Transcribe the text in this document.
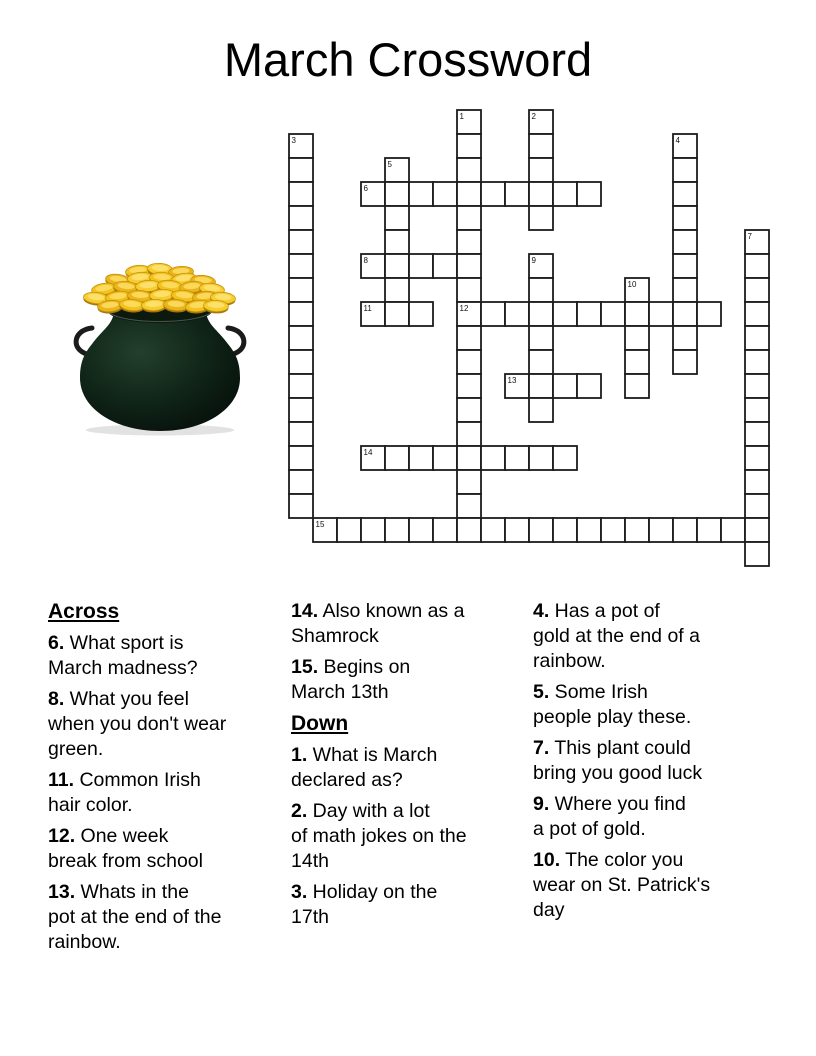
March Crossword
1	2
3	4
5
6
7
8	9
10
11	12
13
14
15
Across
6. What sport is
March madness?
8. What you feel
when you don't wear
green.
11. Common Irish
hair color.
12. One week
break from school
13. Whats in the
pot at the end of the
rainbow.
14. Also known as a
Shamrock
15. Begins on
March 13th
Down
1. What is March
declared as?
2. Day with a lot
of math jokes on the
14th
3. Holiday on the
17th
4. Has a pot of
gold at the end of a
rainbow.
5. Some Irish
people play these.
7. This plant could
bring you good luck
9. Where you find
a pot of gold.
10. The color you
wear on St. Patrick's
day
